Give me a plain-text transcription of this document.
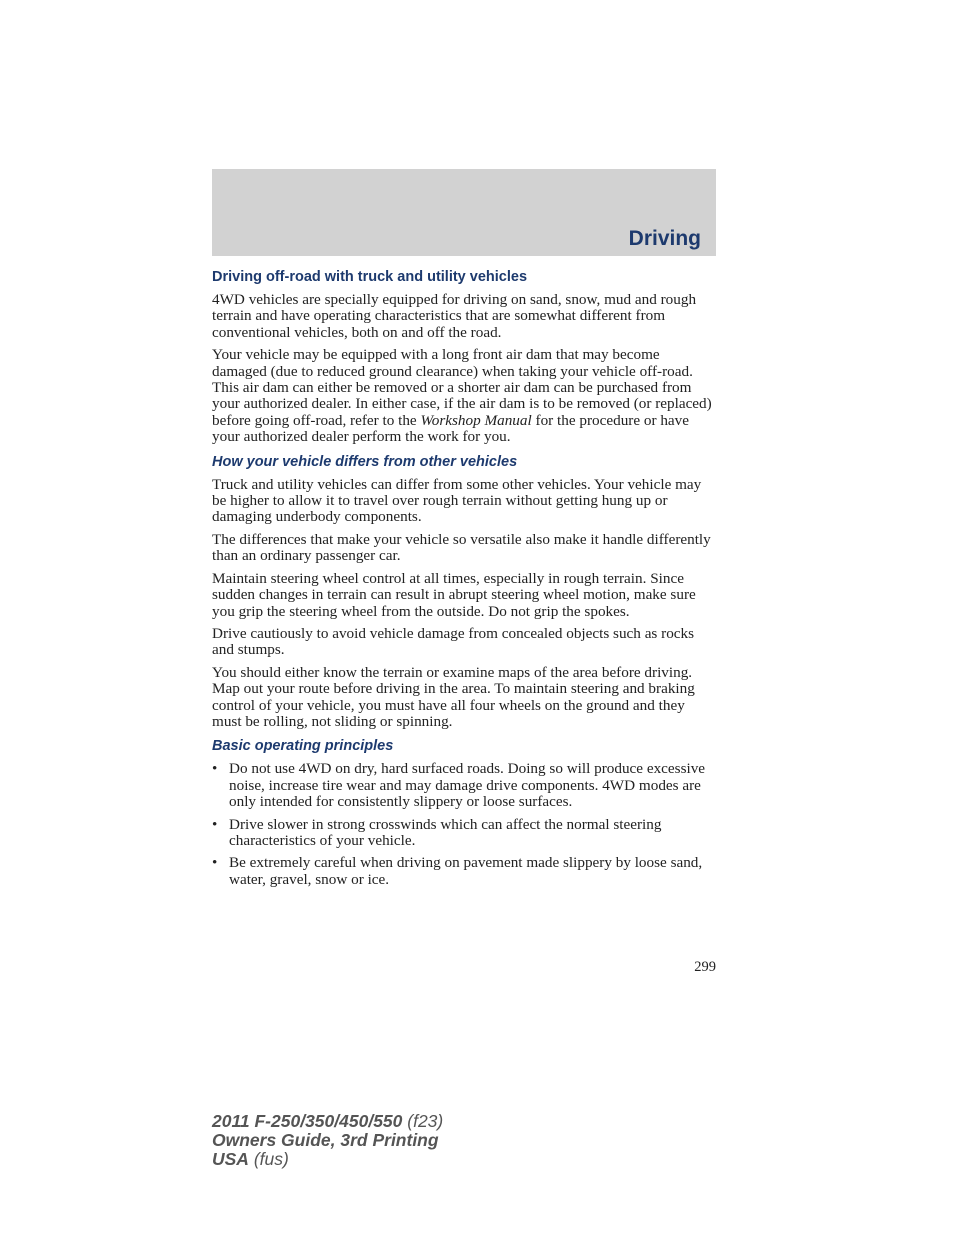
Driving
Driving off-road with truck and utility vehicles

4WD vehicles are specially equipped for driving on sand, snow, mud and rough terrain and have operating characteristics that are somewhat different from conventional vehicles, both on and off the road.

Your vehicle may be equipped with a long front air dam that may become damaged (due to reduced ground clearance) when taking your vehicle off-road. This air dam can either be removed or a shorter air dam can be purchased from your authorized dealer. In either case, if the air dam is to be removed (or replaced) before going off-road, refer to the Workshop Manual for the procedure or have your authorized dealer perform the work for you.

How your vehicle differs from other vehicles

Truck and utility vehicles can differ from some other vehicles. Your vehicle may be higher to allow it to travel over rough terrain without getting hung up or damaging underbody components.

The differences that make your vehicle so versatile also make it handle differently than an ordinary passenger car.

Maintain steering wheel control at all times, especially in rough terrain. Since sudden changes in terrain can result in abrupt steering wheel motion, make sure you grip the steering wheel from the outside. Do not grip the spokes.

Drive cautiously to avoid vehicle damage from concealed objects such as rocks and stumps.

You should either know the terrain or examine maps of the area before driving. Map out your route before driving in the area. To maintain steering and braking control of your vehicle, you must have all four wheels on the ground and they must be rolling, not sliding or spinning.

Basic operating principles
• Do not use 4WD on dry, hard surfaced roads. Doing so will produce excessive noise, increase tire wear and may damage drive components. 4WD modes are only intended for consistently slippery or loose surfaces.
• Drive slower in strong crosswinds which can affect the normal steering characteristics of your vehicle.
• Be extremely careful when driving on pavement made slippery by loose sand, water, gravel, snow or ice.
299
2011 F-250/350/450/550 (f23)
Owners Guide, 3rd Printing
USA (fus)
